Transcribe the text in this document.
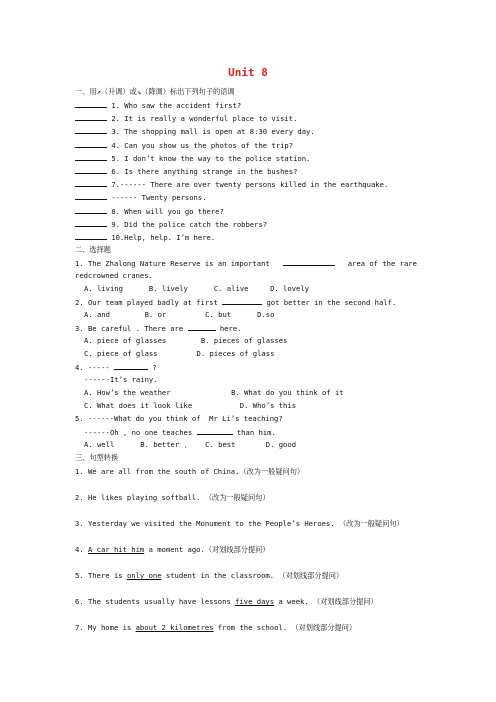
Unit 8
一、用↗（升调）或↘（降调）标出下列句子的语调
1. Who saw the accident first?
2. It is really a wonderful place to visit.
3. The shopping mall is open at 8:30 every day.
4. Can you show us the photos of the trip?
5. I don’t know the way to the police station.
6. Is there anything strange in the bushes?
7.------ There are over twenty persons killed in the earthquake.
------ Twenty persons.
8. When will you go there?
9. Did the police catch the robbers?
10.Help, help. I’m here.
二、选择题
1. The Zhalong Nature Reserve is an important	area of the rare
redcrowned cranes.
A. living      B. lively      C. alive     D. lovely
2. Our team played badly at first	got better in the second half.
A. and        B. or         C. but      D.so
3. Be careful . There are	here.
A. piece of glasses        B. pieces of glasses
C. piece of glass         D. pieces of glass
4. -----	?
------It’s rainy.
A. How’s the weather              B. What do you think of it
C. What does it look like           D. Who’s this
5. ------What do you think of  Mr Li’s teaching?
------Oh , no one teaches	than him.
A. well      B. better ,    C. best       D. good
三、句型转换
1. We are all from the south of China.（改为一般疑问句）
2. He likes playing softball. （改为一般疑问句）
3. Yesterday we visited the Monument to the People’s Heroes. （改为一般疑问句）
4. A car hit him a moment ago.（对划线部分提问）
5. There is only one student in the classroom. （对划线部分提问）
6. The students usually have lessons five days a week. （对划线部分提问）
7. My home is about 2 kilometres from the school. （对划线部分提问）
